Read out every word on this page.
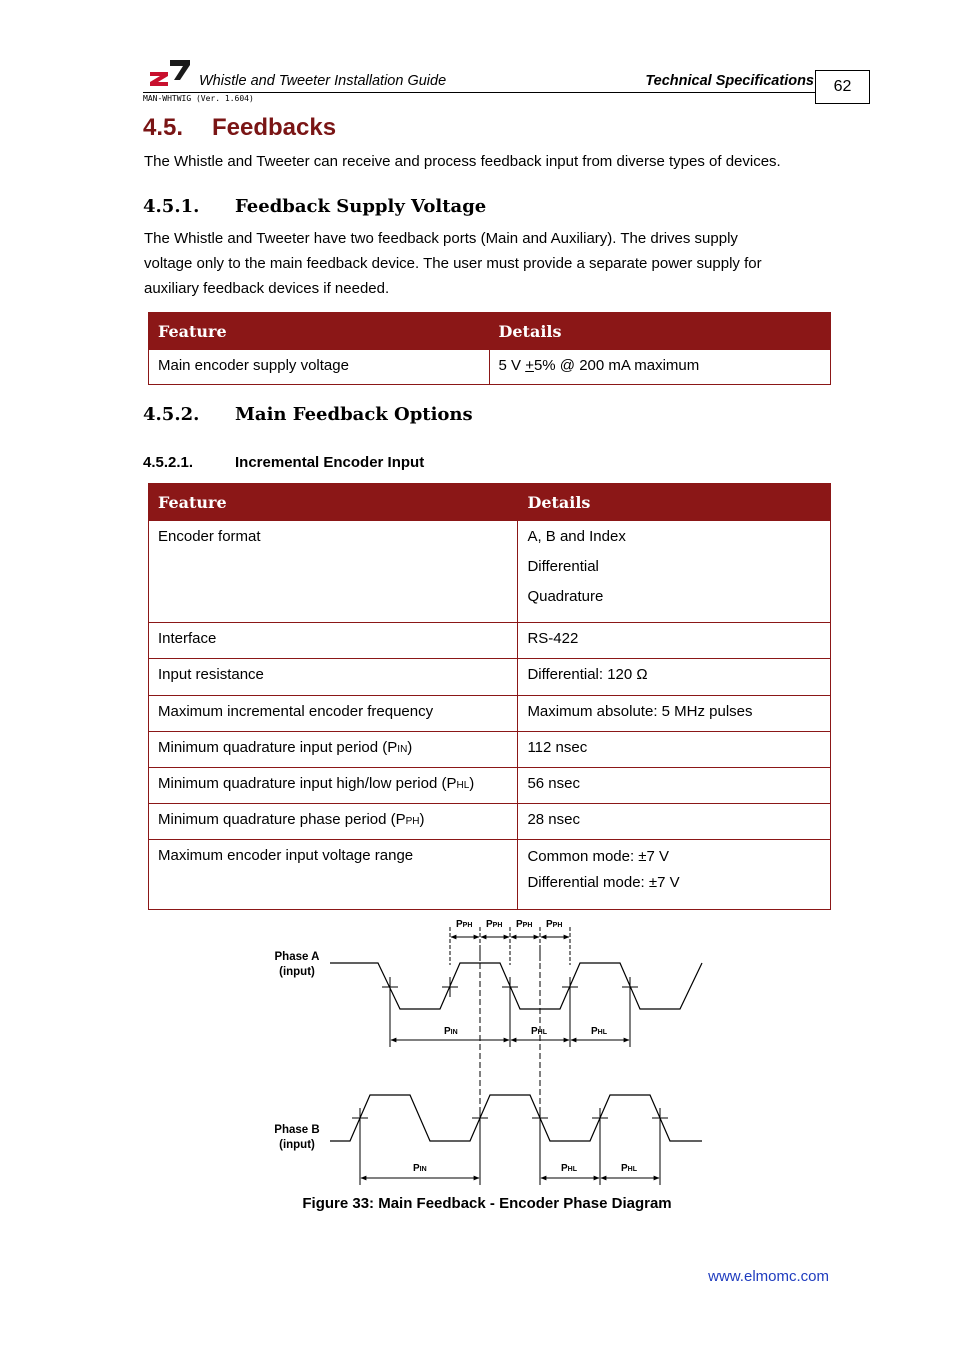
Whistle and Tweeter Installation Guide	Technical Specifications
MAN-WHTWIG (Ver. 1.604)
62
4.5. Feedbacks
The Whistle and Tweeter can receive and process feedback input from diverse types of devices.
4.5.1. Feedback Supply Voltage
The Whistle and Tweeter have two feedback ports (Main and Auxiliary). The drives supply
voltage only to the main feedback device. The user must provide a separate power supply for
auxiliary feedback devices if needed.
Feature	Details
Main encoder supply voltage	5 V +5% @ 200 mA maximum
4.5.2. Main Feedback Options
4.5.2.1.	Incremental Encoder Input
Feature	Details
Encoder format	A, B and Index
Differential
Quadrature

Interface	RS-422
Input resistance	Differential: 120 Ω
Maximum incremental encoder frequency	Maximum absolute: 5 MHz pulses
Minimum quadrature input period (PIN)	112 nsec
Minimum quadrature input high/low period (PHL)	56 nsec
Minimum quadrature phase period (PPH)	28 nsec
Maximum encoder input voltage range	Common mode: ±7 V
Differential mode: ±7 V
PPH PPH PPH PPH
Phase A
(input)
PIN	PHL	PHL
Phase B
(input)
PIN	PHL	PHL
Figure 33: Main Feedback - Encoder Phase Diagram
www.elmomc.com
